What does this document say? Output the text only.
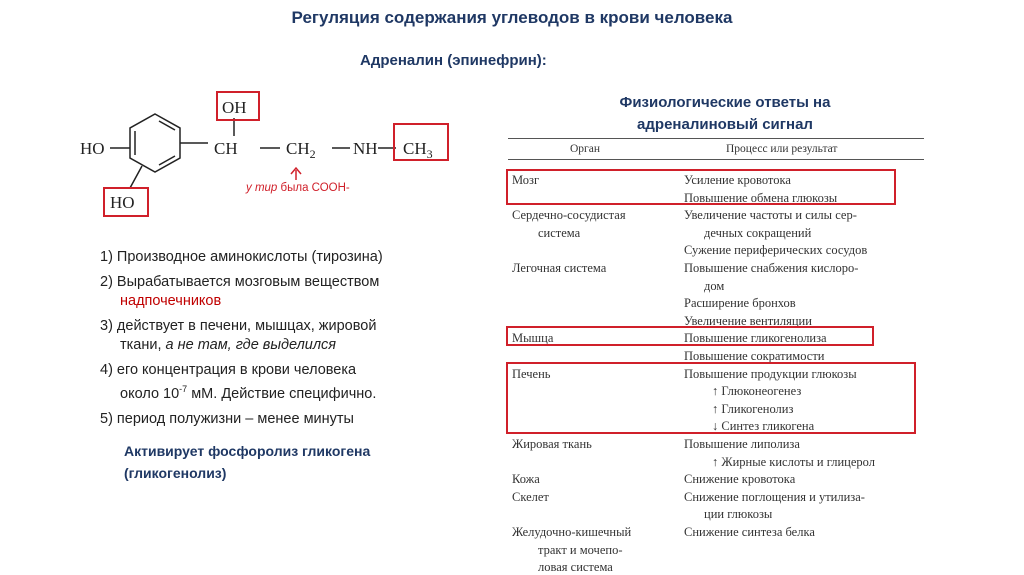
Регуляция содержания углеводов в крови человека
Адреналин (эпинефрин):
HO	CH
OH
$CH_2$ NH $CH_3$
HO
у тир была СООН-
1) Производное аминокислоты (тирозина)
2) Вырабатывается мозговым веществом
надпочечников
3) действует в печени, мышцах, жировой
ткани, а не там, где выделился
4) его концентрация в крови человека
около $10^{-7}$ мМ. Действие специфично.
5) период полужизни – менее минуты
Активирует фосфоролиз гликогена
(гликогенолиз)
Физиологические ответы на
адреналиновый сигнал
Орган	Процесс или результат
Мозг	Усиление кровотока
Повышение обмена глюкозы
Сердечно-сосудистая	Увеличение частоты и силы сер-
система	дечных сокращений
Сужение периферических сосудов
Легочная система	Повышение снабжения кислоро-
дом
Расширение бронхов
Увеличение вентиляции
Мышца	Повышение гликогенолиза
Повышение сократимости
Печень	Повышение продукции глюкозы
↑ Глюконеогенез
↑ Гликогенолиз
↓ Синтез гликогена
Жировая ткань	Повышение липолиза
↑ Жирные кислоты и глицерол
Кожа	Снижение кровотока
Скелет	Снижение поглощения и утилиза-
ции глюкозы
Желудочно-кишечный	Снижение синтеза белка
тракт и мочепо-
ловая система
